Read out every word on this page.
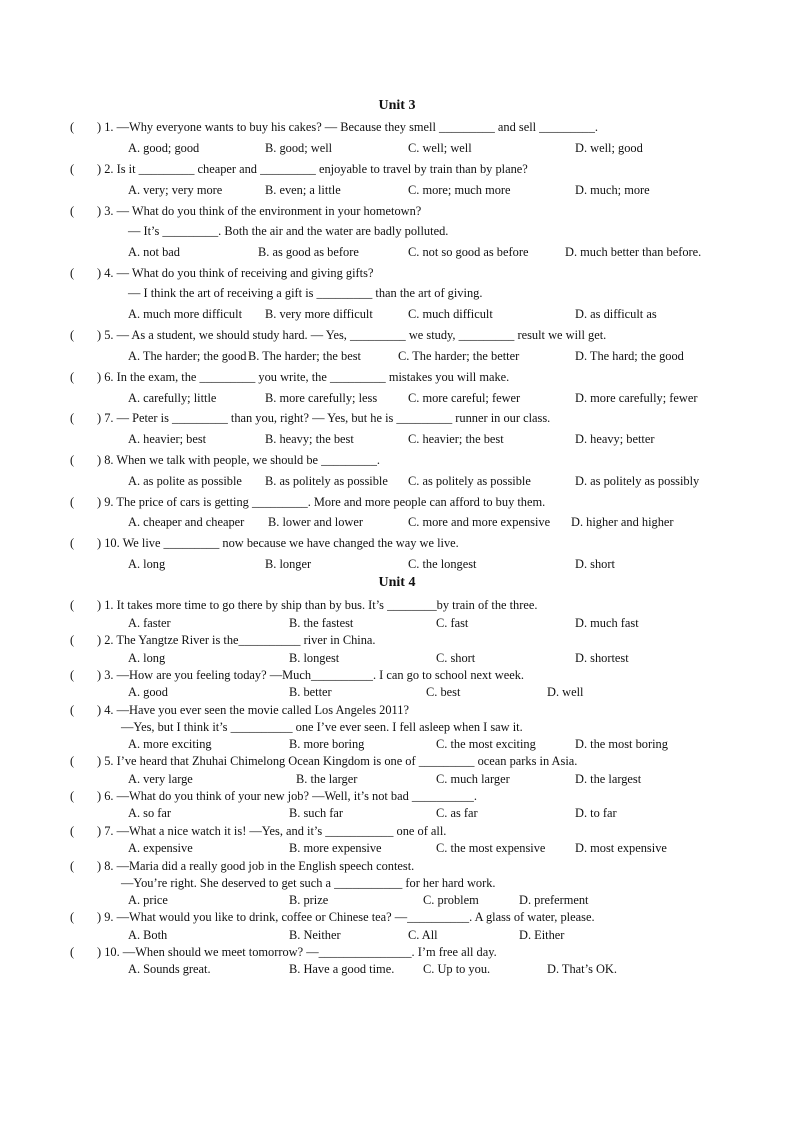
Unit 3
( ) 1. —Why everyone wants to buy his cakes? — Because they smell _________ and sell _________.
A. good; good	B. good; well	C. well; well	D. well; good
( ) 2. Is it _________ cheaper and _________ enjoyable to travel by train than by plane?
A. very; very more	B. even; a little	C. more; much more	D. much; more
( ) 3. — What do you think of the environment in your hometown?
— It’s _________. Both the air and the water are badly polluted.
A. not bad	B. as good as before	C. not so good as before	D. much better than before.
( ) 4. — What do you think of receiving and giving gifts?
— I think the art of receiving a gift is _________ than the art of giving.
A. much more difficult B. very more difficult	C. much difficult	D. as difficult as
( ) 5. — As a student, we should study hard. — Yes, _________ we study, _________ result we will get.
A. The harder; the good B. The harder; the best	C. The harder; the better	D. The hard; the good
( ) 6. In the exam, the _________ you write, the _________ mistakes you will make.
A. carefully; little	B. more carefully; less C. more careful; fewer	D. more carefully; fewer
( ) 7. — Peter is _________ than you, right? — Yes, but he is _________ runner in our class.
A. heavier; best	B. heavy; the best	C. heavier; the best	D. heavy; better
( ) 8. When we talk with people, we should be _________.
A. as polite as possible B. as politely as possible C. as politely as possible	D. as politely as possibly
( ) 9. The price of cars is getting _________. More and more people can afford to buy them.
A. cheaper and cheaper B. lower and lower	C. more and more expensive D. higher and higher
( ) 10. We live _________ now because we have changed the way we live.
A. long	B. longer	C. the longest	D. short
Unit 4
( ) 1. It takes more time to go there by ship than by bus. It’s ________by train of the three.
A. faster	B. the fastest	C. fast	D. much fast
( ) 2. The Yangtze River is the__________ river in China.
A. long	B. longest	C. short	D. shortest
( ) 3. —How are you feeling today? —Much__________. I can go to school next week.
A. good	B. better	C. best	D. well
( ) 4. —Have you ever seen the movie called Los Angeles 2011?
—Yes, but I think it’s __________ one I’ve ever seen. I fell asleep when I saw it.
A. more exciting	B. more boring	C. the most exciting	D. the most boring
( ) 5. I’ve heard that Zhuhai Chimelong Ocean Kingdom is one of _________ ocean parks in Asia.
A. very large	B. the larger	C. much larger	D. the largest
( ) 6. —What do you think of your new job? —Well, it’s not bad __________.
A. so far	B. such far	C. as far	D. to far
( ) 7. —What a nice watch it is! —Yes, and it’s ___________ one of all.
A. expensive	B. more expensive	C. the most expensive D. most expensive
( ) 8. —Maria did a really good job in the English speech contest.
—You’re right. She deserved to get such a ___________ for her hard work.
A. price	B. prize	C. problem	D. preferment
( ) 9. —What would you like to drink, coffee or Chinese tea? —__________. A glass of water, please.
A. Both	B. Neither	C. All	D. Either
( ) 10. —When should we meet tomorrow? —_______________. I’m free all day.
A. Sounds great.	B. Have a good time. C. Up to you.	D. That’s OK.
